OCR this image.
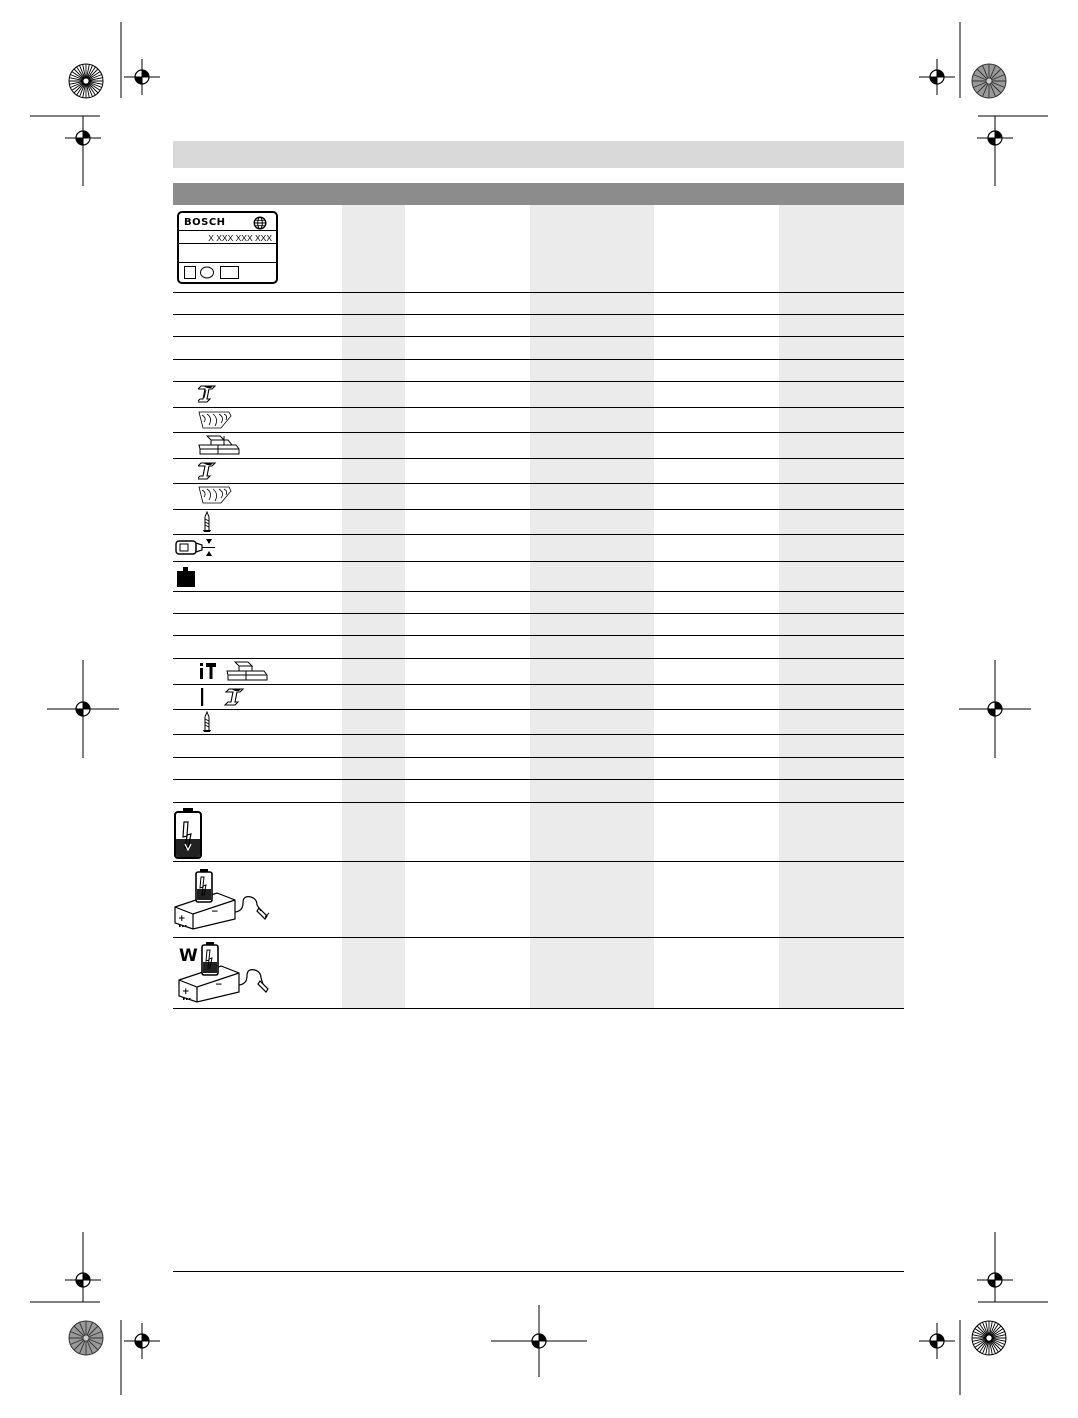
BOSCH
X XXX XXX XXX
+
−
W
+
−
